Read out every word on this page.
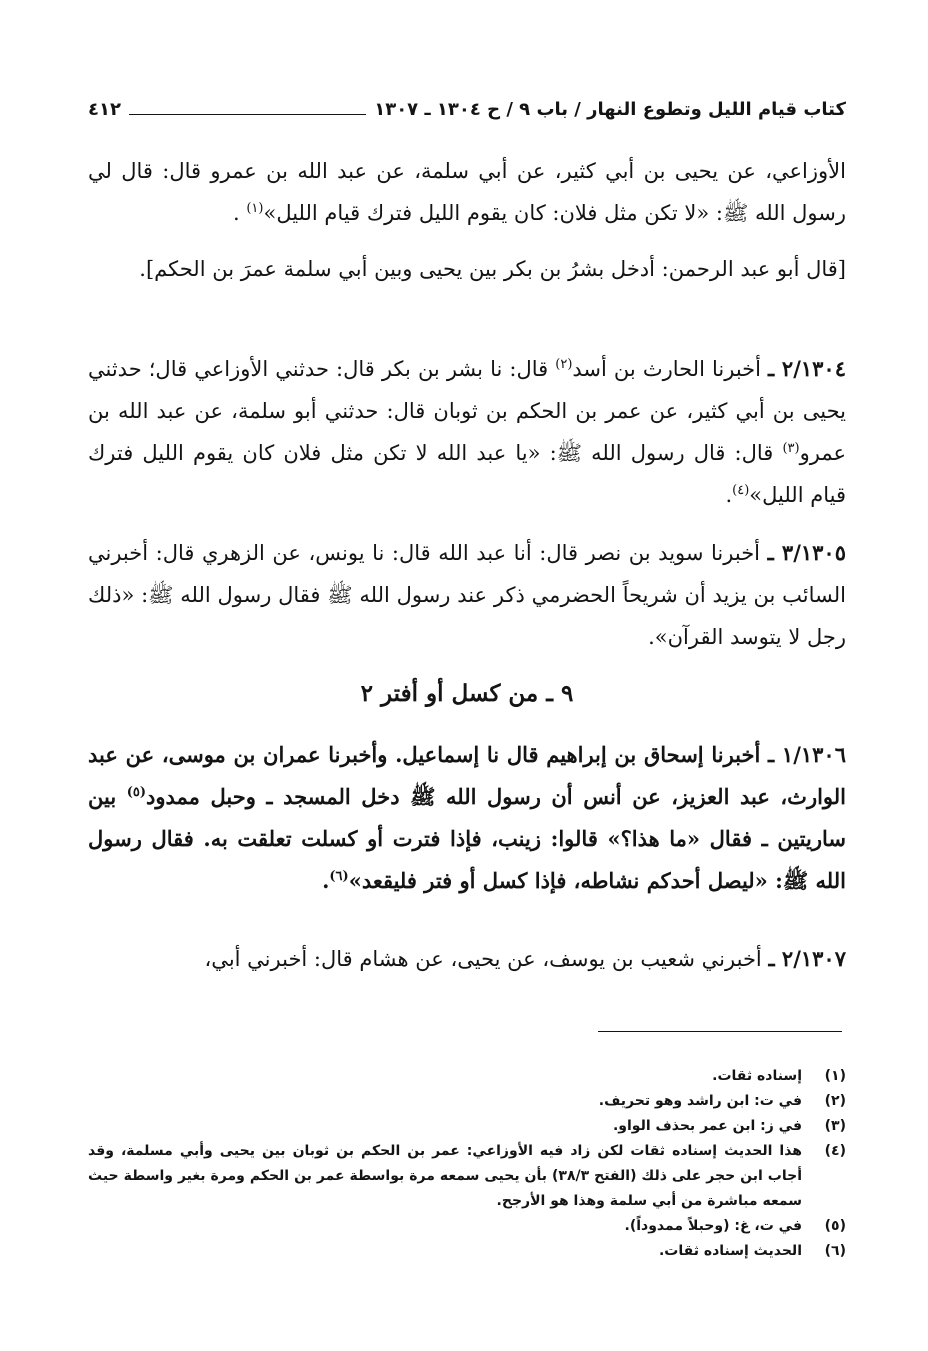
كتاب قيام الليل وتطوع النهار / باب ٩ / ح ١٣٠٤ ـ ١٣٠٧
٤١٢

الأوزاعي، عن يحيى بن أبي كثير، عن أبي سلمة، عن عبد الله بن عمرو قال: قال لي رسول الله ﷺ: «لا تكن مثل فلان: كان يقوم الليل فترك قيام الليل»$^{(١)}$ .

[قال أبو عبد الرحمن: أدخل بشرُ بن بكر بين يحيى وبين أبي سلمة عمرَ بن الحكم].

٢/١٣٠٤ ـ أخبرنا الحارث بن أسد$^{(٢)}$ قال: نا بشر بن بكر قال: حدثني الأوزاعي قال؛ حدثني يحيى بن أبي كثير، عن عمر بن الحكم بن ثوبان قال: حدثني أبو سلمة، عن عبد الله بن عمرو$^{(٣)}$ قال: قال رسول الله ﷺ: «يا عبد الله لا تكن مثل فلان كان يقوم الليل فترك قيام الليل»$^{(٤)}$.

٣/١٣٠٥ ـ أخبرنا سويد بن نصر قال: أنا عبد الله قال: نا يونس، عن الزهري قال: أخبرني السائب بن يزيد أن شريحاً الحضرمي ذكر عند رسول الله ﷺ فقال رسول الله ﷺ: «ذلك رجل لا يتوسد القرآن».

٩ ـ من كسل أو أفتر ٢

١/١٣٠٦ ـ أخبرنا إسحاق بن إبراهيم قال نا إسماعيل. وأخبرنا عمران بن موسى، عن عبد الوارث، عبد العزيز، عن أنس أن رسول الله ﷺ دخل المسجد ـ وحبل ممدود$^{(٥)}$ بين ساريتين ـ فقال «ما هذا؟» قالوا: زينب، فإذا فترت أو كسلت تعلقت به. فقال رسول الله ﷺ: «ليصل أحدكم نشاطه، فإذا كسل أو فتر فليقعد»$^{(٦)}$.

٢/١٣٠٧ ـ أخبرني شعيب بن يوسف، عن يحيى، عن هشام قال: أخبرني أبي،

(١)
إسناده ثقات.
(٢)
في ت: ابن راشد وهو تحريف.
(٣)
في ز: ابن عمر بحذف الواو.
(٤)
هذا الحديث إسناده ثقات لكن زاد فيه الأوزاعي: عمر بن الحكم بن ثوبان بين يحيى وأبي مسلمة، وقد أجاب ابن حجر على ذلك (الفتح ٣٨/٣) بأن يحيى سمعه مرة بواسطة عمر بن الحكم ومرة بغير واسطة حيث سمعه مباشرة من أبي سلمة وهذا هو الأرجح.
(٥)
في ت، غ: (وحبلاً ممدوداً).
(٦)
الحديث إسناده ثقات.
